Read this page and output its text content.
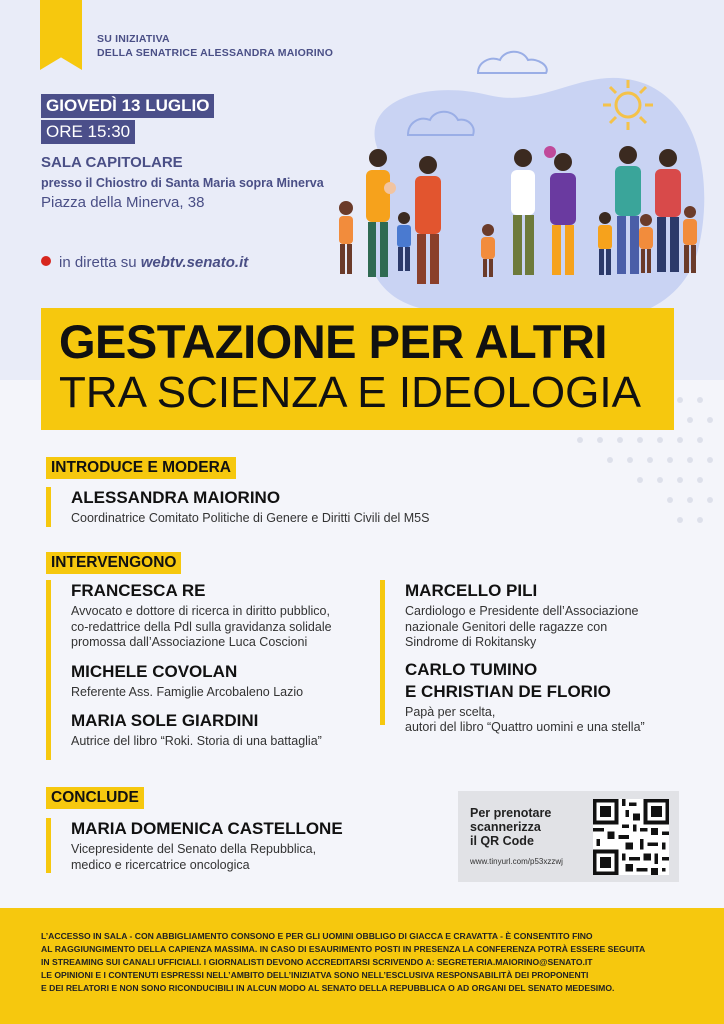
SU INIZIATIVA
DELLA SENATRICE ALESSANDRA MAIORINO
GIOVEDÌ 13 LUGLIO
ORE 15:30
SALA CAPITOLARE
presso il Chiostro di Santa Maria sopra Minerva
Piazza della Minerva, 38
in diretta su webtv.senato.it
GESTAZIONE PER ALTRI
TRA SCIENZA E IDEOLOGIA
INTRODUCE E MODERA
ALESSANDRA MAIORINO
Coordinatrice Comitato Politiche di Genere e Diritti Civili del M5S
INTERVENGONO
FRANCESCA RE
Avvocato e dottore di ricerca in diritto pubblico,
co-redattrice della Pdl sulla gravidanza solidale
promossa dall’Associazione Luca Coscioni
MICHELE COVOLAN
Referente Ass. Famiglie Arcobaleno Lazio
MARIA SOLE GIARDINI
Autrice del libro “Roki. Storia di una battaglia”
MARCELLO PILI
Cardiologo e Presidente dell’Associazione
nazionale Genitori delle ragazze con
Sindrome di Rokitansky
CARLO TUMINO
E CHRISTIAN DE FLORIO
Papà per scelta,
autori del libro “Quattro uomini e una stella”
CONCLUDE
MARIA DOMENICA CASTELLONE
Vicepresidente del Senato della Repubblica,
medico e ricercatrice oncologica
Per prenotare
scannerizza
il QR Code
www.tinyurl.com/p53xzzwj
L’ACCESSO IN SALA - CON ABBIGLIAMENTO CONSONO E PER GLI UOMINI OBBLIGO DI GIACCA E CRAVATTA - È CONSENTITO FINO
AL RAGGIUNGIMENTO DELLA CAPIENZA MASSIMA. IN CASO DI ESAURIMENTO POSTI IN PRESENZA LA CONFERENZA POTRÀ ESSERE SEGUITA
IN STREAMING SUI CANALI UFFICIALI. I GIORNALISTI DEVONO ACCREDITARSI SCRIVENDO A: SEGRETERIA.MAIORINO@SENATO.IT
LE OPINIONI E I CONTENUTI ESPRESSI NELL’AMBITO DELL’INIZIATVA SONO NELL’ESCLUSIVA RESPONSABILITÀ DEI PROPONENTI
E DEI RELATORI E NON SONO RICONDUCIBILI IN ALCUN MODO AL SENATO DELLA REPUBBLICA O AD ORGANI DEL SENATO MEDESIMO.
